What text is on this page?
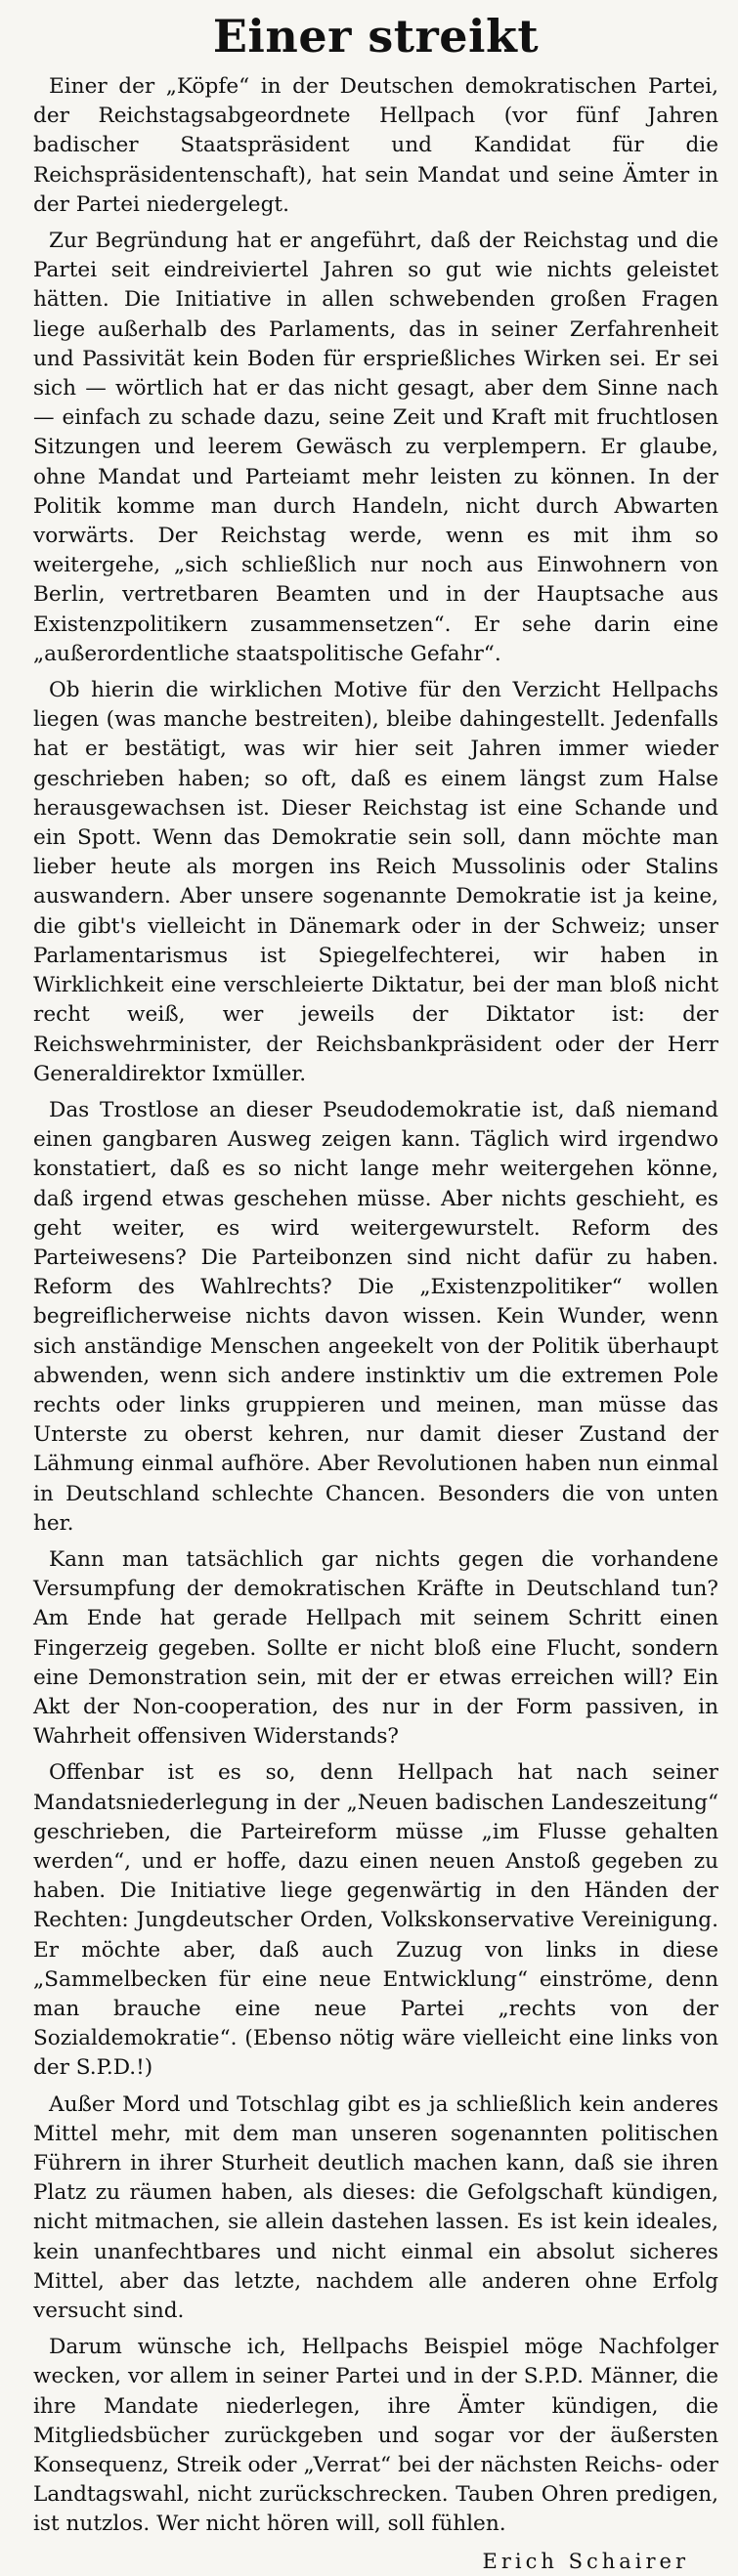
Einer streikt

Einer der „Köpfe“ in der Deutschen demokratischen Partei, der Reichstagsabgeordnete Hellpach (vor fünf Jahren badischer Staatspräsident und Kandidat für die Reichspräsidentenschaft), hat sein Mandat und seine Ämter in der Partei niedergelegt.

Zur Begründung hat er angeführt, daß der Reichstag und die Partei seit eindreiviertel Jahren so gut wie nichts geleistet hätten. Die Initiative in allen schwebenden großen Fragen liege außerhalb des Parlaments, das in seiner Zerfahrenheit und Passivität kein Boden für ersprießliches Wirken sei. Er sei sich — wörtlich hat er das nicht gesagt, aber dem Sinne nach — einfach zu schade dazu, seine Zeit und Kraft mit fruchtlosen Sitzungen und leerem Gewäsch zu verplempern. Er glaube, ohne Mandat und Parteiamt mehr leisten zu können. In der Politik komme man durch Handeln, nicht durch Abwarten vorwärts. Der Reichstag werde, wenn es mit ihm so weitergehe, „sich schließlich nur noch aus Einwohnern von Berlin, vertretbaren Beamten und in der Hauptsache aus Existenzpolitikern zusammensetzen“. Er sehe darin eine „außerordentliche staatspolitische Gefahr“.

Ob hierin die wirklichen Motive für den Verzicht Hellpachs liegen (was manche bestreiten), bleibe dahingestellt. Jedenfalls hat er bestätigt, was wir hier seit Jahren immer wieder geschrieben haben; so oft, daß es einem längst zum Halse herausgewachsen ist. Dieser Reichstag ist eine Schande und ein Spott. Wenn das Demokratie sein soll, dann möchte man lieber heute als morgen ins Reich Mussolinis oder Stalins auswandern. Aber unsere sogenannte Demokratie ist ja keine, die gibt's vielleicht in Dänemark oder in der Schweiz; unser Parlamentarismus ist Spiegelfechterei, wir haben in Wirklichkeit eine verschleierte Diktatur, bei der man bloß nicht recht weiß, wer jeweils der Diktator ist: der Reichswehrminister, der Reichsbankpräsident oder der Herr Generaldirektor Ixmüller.

Das Trostlose an dieser Pseudodemokratie ist, daß niemand einen gangbaren Ausweg zeigen kann. Täglich wird irgendwo konstatiert, daß es so nicht lange mehr weitergehen könne, daß irgend etwas geschehen müsse. Aber nichts geschieht, es geht weiter, es wird weitergewurstelt. Reform des Parteiwesens? Die Parteibonzen sind nicht dafür zu haben. Reform des Wahlrechts? Die „Existenzpolitiker“ wollen begreiflicherweise nichts davon wissen. Kein Wunder, wenn sich anständige Menschen angeekelt von der Politik überhaupt abwenden, wenn sich andere instinktiv um die extremen Pole rechts oder links gruppieren und meinen, man müsse das Unterste zu oberst kehren, nur damit dieser Zustand der Lähmung einmal aufhöre. Aber Revolutionen haben nun einmal in Deutschland schlechte Chancen. Besonders die von unten her.

Kann man tatsächlich gar nichts gegen die vorhandene Versumpfung der demokratischen Kräfte in Deutschland tun? Am Ende hat gerade Hellpach mit seinem Schritt einen Fingerzeig gegeben. Sollte er nicht bloß eine Flucht, sondern eine Demonstration sein, mit der er etwas erreichen will? Ein Akt der Non-cooperation, des nur in der Form passiven, in Wahrheit offensiven Widerstands?

Offenbar ist es so, denn Hellpach hat nach seiner Mandatsniederlegung in der „Neuen badischen Landeszeitung“ geschrieben, die Parteireform müsse „im Flusse gehalten werden“, und er hoffe, dazu einen neuen Anstoß gegeben zu haben. Die Initiative liege gegenwärtig in den Händen der Rechten: Jungdeutscher Orden, Volkskonservative Vereinigung. Er möchte aber, daß auch Zuzug von links in diese „Sammelbecken für eine neue Entwicklung“ einströme, denn man brauche eine neue Partei „rechts von der Sozialdemokratie“. (Ebenso nötig wäre vielleicht eine links von der S.P.D.!)

Außer Mord und Totschlag gibt es ja schließlich kein anderes Mittel mehr, mit dem man unseren sogenannten politischen Führern in ihrer Sturheit deutlich machen kann, daß sie ihren Platz zu räumen haben, als dieses: die Gefolgschaft kündigen, nicht mitmachen, sie allein dastehen lassen. Es ist kein ideales, kein unanfechtbares und nicht einmal ein absolut sicheres Mittel, aber das letzte, nachdem alle anderen ohne Erfolg versucht sind.

Darum wünsche ich, Hellpachs Beispiel möge Nachfolger wecken, vor allem in seiner Partei und in der S.P.D. Männer, die ihre Mandate niederlegen, ihre Ämter kündigen, die Mitgliedsbücher zurückgeben und sogar vor der äußersten Konsequenz, Streik oder „Verrat“ bei der nächsten Reichs- oder Landtagswahl, nicht zurückschrecken. Tauben Ohren predigen, ist nutzlos. Wer nicht hören will, soll fühlen.

Erich Schairer
